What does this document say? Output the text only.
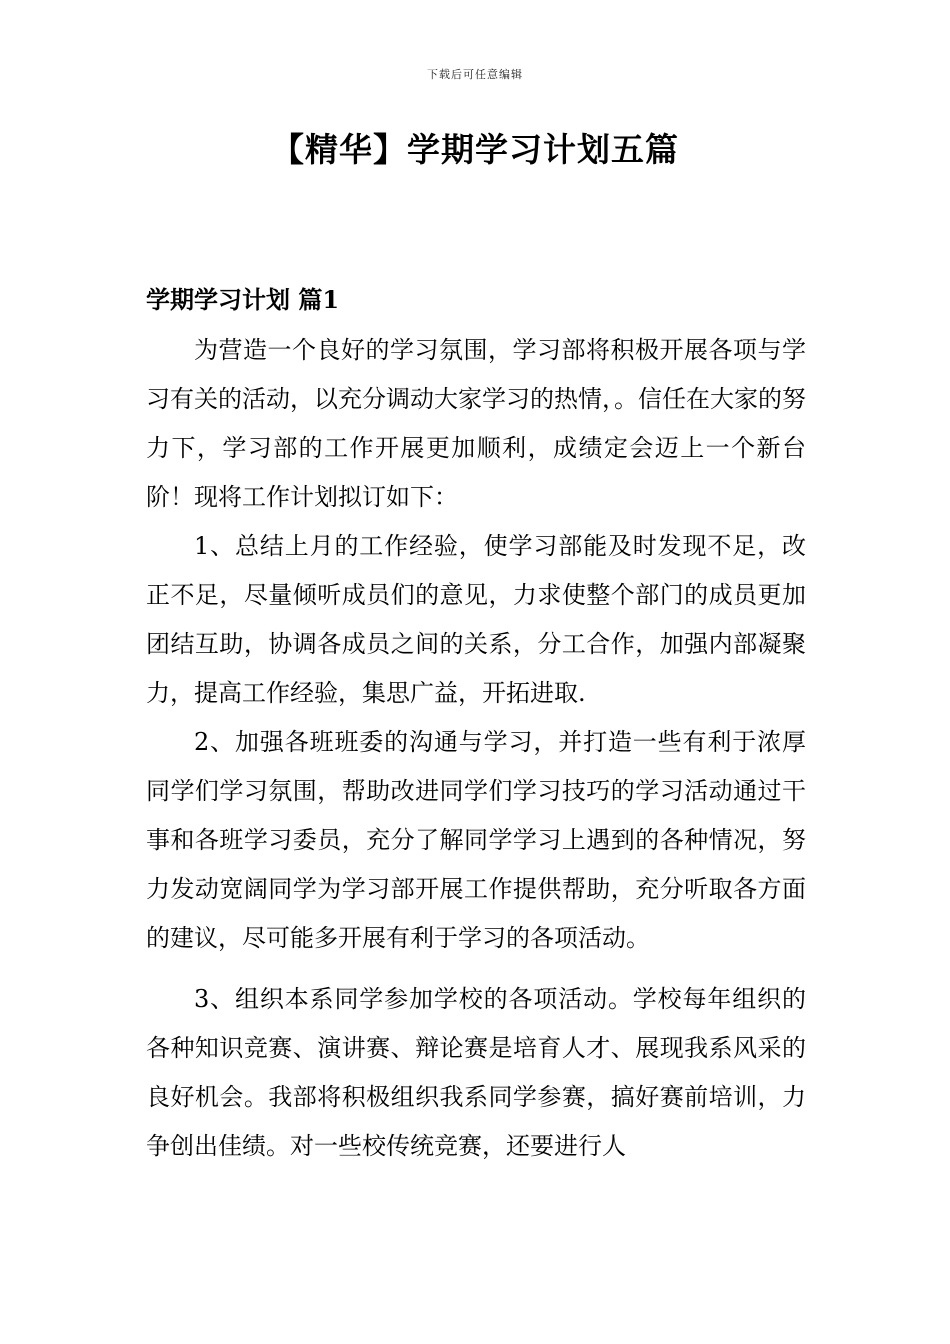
下载后可任意编辑
【精华】学期学习计划五篇
学期学习计划 篇1

为营造一个良好的学习氛围，学习部将积极开展各项与学习有关的活动，以充分调动大家学习的热情，。信任在大家的努力下，学习部的工作开展更加顺利，成绩定会迈上一个新台阶！现将工作计划拟订如下：

1、总结上月的工作经验，使学习部能及时发现不足，改正不足，尽量倾听成员们的意见，力求使整个部门的成员更加团结互助，协调各成员之间的关系，分工合作，加强内部凝聚力，提高工作经验，集思广益，开拓进取.

2、加强各班班委的沟通与学习，并打造一些有利于浓厚同学们学习氛围，帮助改进同学们学习技巧的学习活动通过干事和各班学习委员，充分了解同学学习上遇到的各种情况，努力发动宽阔同学为学习部开展工作提供帮助，充分听取各方面的建议，尽可能多开展有利于学习的各项活动。

3、组织本系同学参加学校的各项活动。学校每年组织的各种知识竞赛、演讲赛、辩论赛是培育人才、展现我系风采的良好机会。我部将积极组织我系同学参赛，搞好赛前培训，力争创出佳绩。对一些校传统竞赛，还要进行人
